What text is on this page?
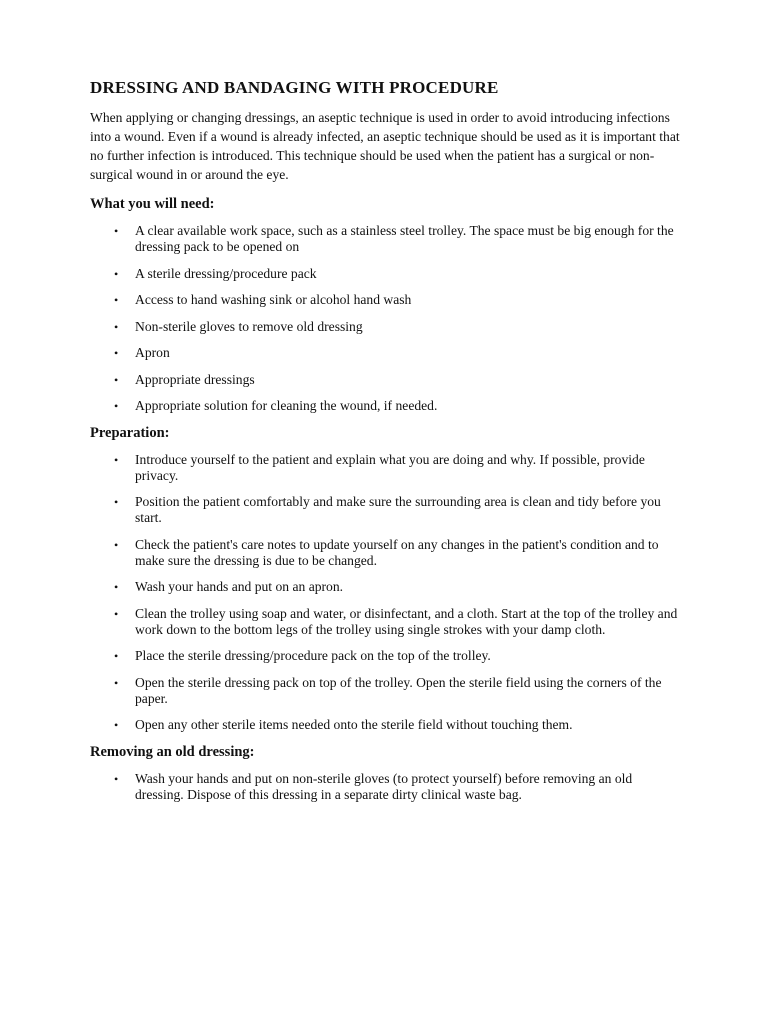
DRESSING AND BANDAGING WITH PROCEDURE

When applying or changing dressings, an aseptic technique is used in order to avoid introducing infections into a wound. Even if a wound is already infected, an aseptic technique should be used as it is important that no further infection is introduced. This technique should be used when the patient has a surgical or non-surgical wound in or around the eye.

What you will need:
• A clear available work space, such as a stainless steel trolley. The space must be big enough for the dressing pack to be opened on
• A sterile dressing/procedure pack
• Access to hand washing sink or alcohol hand wash
• Non-sterile gloves to remove old dressing
• Apron
• Appropriate dressings
• Appropriate solution for cleaning the wound, if needed.
Preparation:
• Introduce yourself to the patient and explain what you are doing and why. If possible, provide privacy.
• Position the patient comfortably and make sure the surrounding area is clean and tidy before you start.
• Check the patient's care notes to update yourself on any changes in the patient's condition and to make sure the dressing is due to be changed.
• Wash your hands and put on an apron.
• Clean the trolley using soap and water, or disinfectant, and a cloth. Start at the top of the trolley and work down to the bottom legs of the trolley using single strokes with your damp cloth.
• Place the sterile dressing/procedure pack on the top of the trolley.
• Open the sterile dressing pack on top of the trolley. Open the sterile field using the corners of the paper.
• Open any other sterile items needed onto the sterile field without touching them.
Removing an old dressing:
• Wash your hands and put on non-sterile gloves (to protect yourself) before removing an old dressing. Dispose of this dressing in a separate dirty clinical waste bag.
